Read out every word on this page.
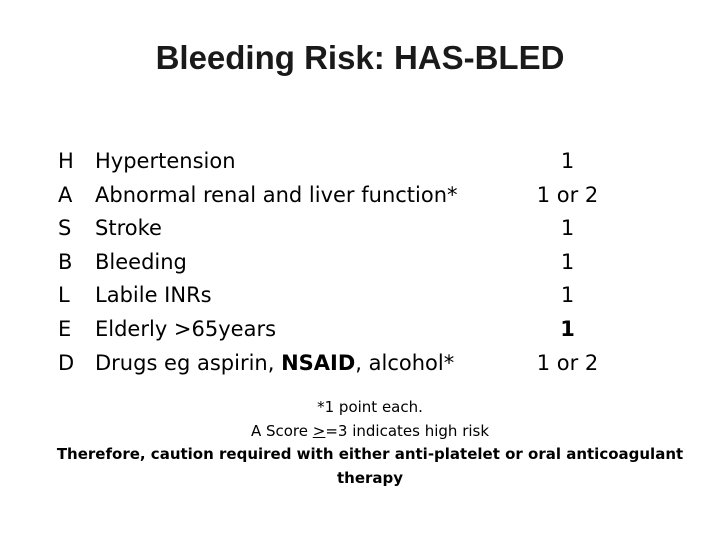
Bleeding Risk: HAS-BLED
H	Hypertension	1
A	Abnormal renal and liver function*	1 or 2
S	Stroke	1
B	Bleeding	1
L	Labile INRs	1
E	Elderly >65years	1
D Drugs eg aspirin, NSAID, alcohol*	1 or 2
*1 point each.
A Score >=3 indicates high risk
Therefore, caution required with either anti-platelet or oral anticoagulant therapy
